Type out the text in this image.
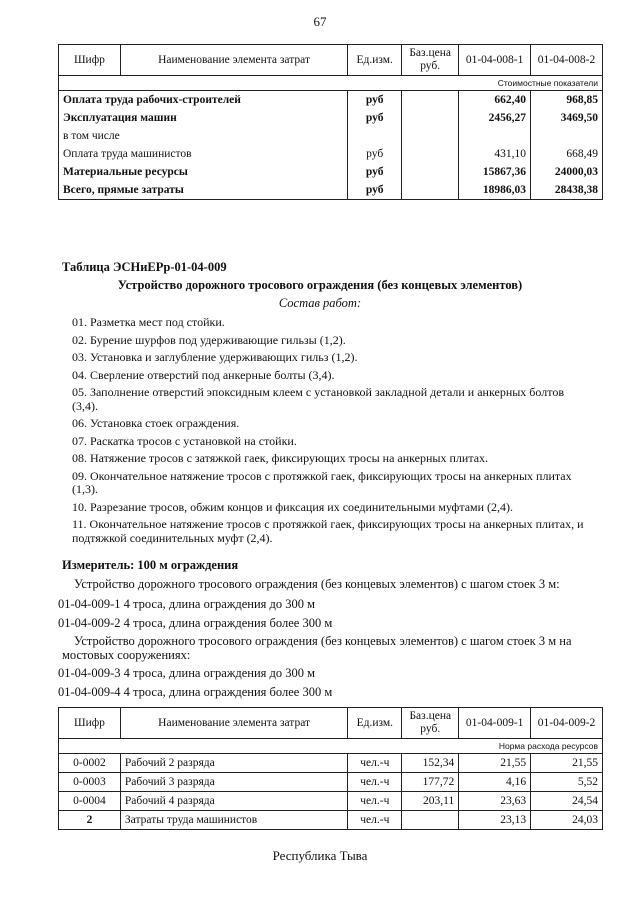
67
Шифр	Наименование элемента затрат	Ед.изм.	Баз.цена руб.	01-04-008-1	01-04-008-2
Стоимостные показатели					
Оплата труда рабочих-строителей		руб		662,40	968,85
Эксплуатация машин		руб		2456,27	3469,50
в том числе					
Оплата труда машинистов		руб		431,10	668,49
Материальные ресурсы		руб		15867,36	24000,03
Всего, прямые затраты		руб		18986,03	28438,38
Таблица ЭСНиЕРр-01-04-009
Устройство дорожного тросового ограждения (без концевых элементов)
Состав работ:
01. Разметка мест под стойки.
02. Бурение шурфов под удерживающие гильзы (1,2).
03. Установка и заглубление удерживающих гильз (1,2).
04. Сверление отверстий под анкерные болты (3,4).
05. Заполнение отверстий эпоксидным клеем с установкой закладной детали и анкерных болтов (3,4).
06. Установка стоек ограждения.
07. Раскатка тросов с установкой на стойки.
08. Натяжение тросов с затяжкой гаек, фиксирующих тросы на анкерных плитах.
09. Окончательное натяжение тросов с протяжкой гаек, фиксирующих тросы на анкерных плитах (1,3).
10. Разрезание тросов, обжим концов и фиксация их соединительными муфтами (2,4).
11. Окончательное натяжение тросов с протяжкой гаек, фиксирующих тросы на анкерных плитах, и подтяжкой соединительных муфт (2,4).
Измеритель: 100 м ограждения
Устройство дорожного тросового ограждения (без концевых элементов) с шагом стоек 3 м:
01-04-009-1 4 троса, длина ограждения до 300 м
01-04-009-2 4 троса, длина ограждения более 300 м
Устройство дорожного тросового ограждения (без концевых элементов) с шагом стоек 3 м на мостовых сооружениях:
01-04-009-3 4 троса, длина ограждения до 300 м
01-04-009-4 4 троса, длина ограждения более 300 м
Шифр	Наименование элемента затрат	Ед.изм.	Баз.цена руб.	01-04-009-1	01-04-009-2
Норма расхода ресурсов					
0-0002	Рабочий 2 разряда	чел.-ч	152,34	21,55	21,55
0-0003	Рабочий 3 разряда	чел.-ч	177,72	4,16	5,52
0-0004	Рабочий 4 разряда	чел.-ч	203,11	23,63	24,54
2	Затраты труда машинистов	чел.-ч		23,13	24,03
Республика Тыва
